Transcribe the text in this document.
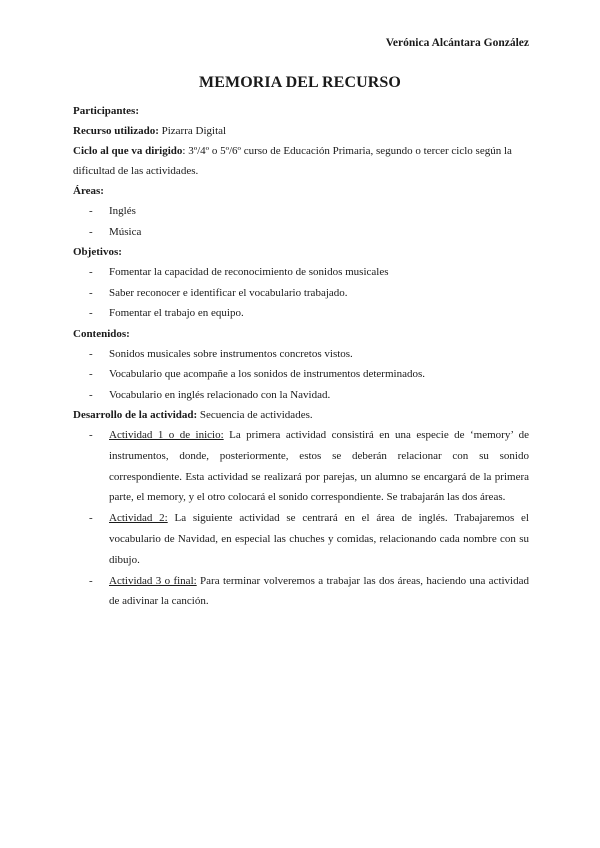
Verónica Alcántara González
MEMORIA DEL RECURSO
Participantes:
Recurso utilizado: Pizarra Digital
Ciclo al que va dirigido: 3º/4º o 5º/6º curso de Educación Primaria, segundo o tercer ciclo según la dificultad de las actividades.
Áreas:
- Inglés
- Música
Objetivos:
- Fomentar la capacidad de reconocimiento de sonidos musicales
- Saber reconocer e identificar el vocabulario trabajado.
- Fomentar el trabajo en equipo.
Contenidos:
- Sonidos musicales sobre instrumentos concretos vistos.
- Vocabulario que acompañe a los sonidos de instrumentos determinados.
- Vocabulario en inglés relacionado con la Navidad.
Desarrollo de la actividad: Secuencia de actividades.
- Actividad 1 o de inicio: La primera actividad consistirá en una especie de ‘memory’ de instrumentos, donde, posteriormente, estos se deberán relacionar con su sonido correspondiente. Esta actividad se realizará por parejas, un alumno se encargará de la primera parte, el memory, y el otro colocará el sonido correspondiente. Se trabajarán las dos áreas.
- Actividad 2: La siguiente actividad se centrará en el área de inglés. Trabajaremos el vocabulario de Navidad, en especial las chuches y comidas, relacionando cada nombre con su dibujo.
- Actividad 3 o final: Para terminar volveremos a trabajar las dos áreas, haciendo una actividad de adivinar la canción.
